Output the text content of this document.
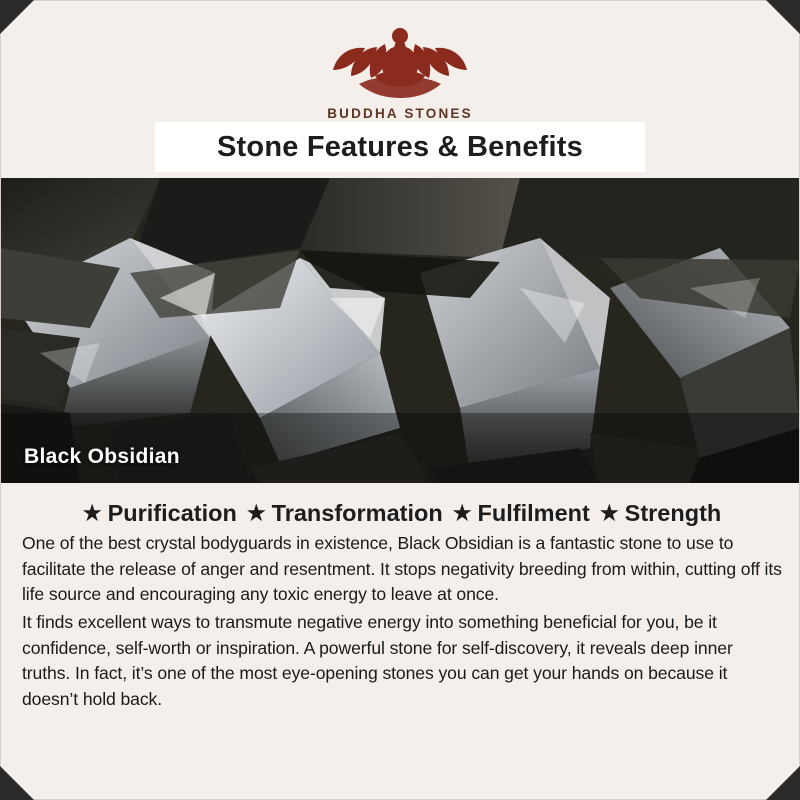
BUDDHA STONES
Stone Features & Benefits
Black Obsidian
★ Purification ★ Transformation ★ Fulfilment ★ Strength

One of the best crystal bodyguards in existence, Black Obsidian is a fantastic stone to use to facilitate the release of anger and resentment. It stops negativity breeding from within, cutting off its life source and encouraging any toxic energy to leave at once.

It finds excellent ways to transmute negative energy into something beneficial for you, be it confidence, self-worth or inspiration. A powerful stone for self-discovery, it reveals deep inner truths. In fact, it’s one of the most eye-opening stones you can get your hands on because it doesn’t hold back.
